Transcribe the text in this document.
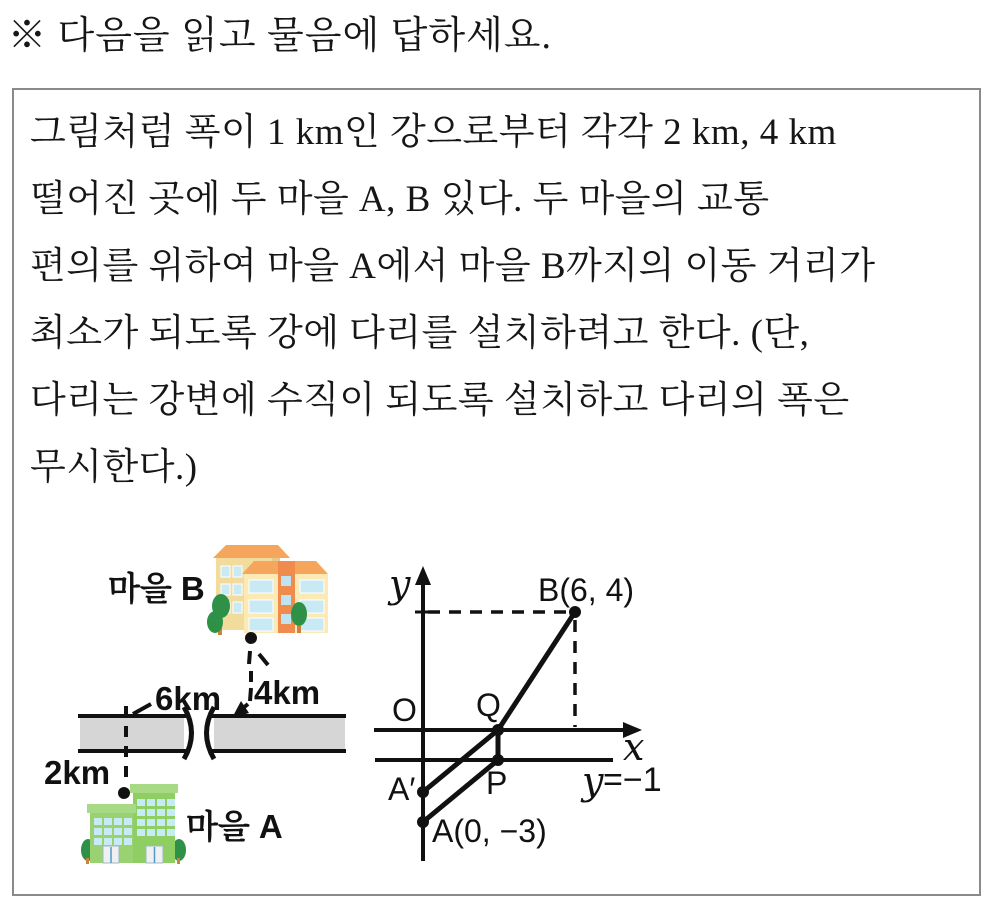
※ 다음을 읽고 물음에 답하세요.
그림처럼 폭이 1 km인 강으로부터 각각 2 km, 4 km
떨어진 곳에 두 마을 A, B 있다. 두 마을의 교통
편의를 위하여 마을 A에서 마을 B까지의 이동 거리가
최소가 되도록 강에 다리를 설치하려고 한다. (단,
다리는 강변에 수직이 되도록 설치하고 다리의 폭은
무시한다.)
2km
6km 4km
마을 B
마을 A
y
x
O Q
P
A′
B(6, 4)
A(0, −3)
y =−1
